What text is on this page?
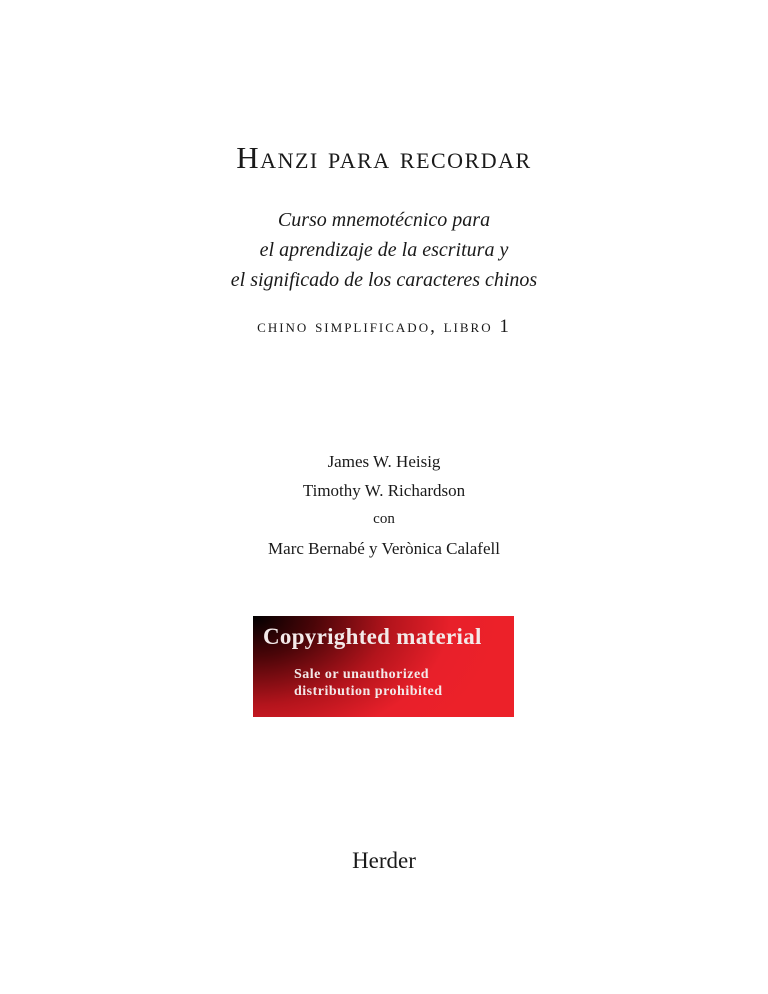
Hanzi para recordar
Curso mnemotécnico para
el aprendizaje de la escritura y
el significado de los caracteres chinos
chino simplificado, libro 1
James W. Heisig
Timothy W. Richardson
con
Marc Bernabé y Verònica Calafell
Copyrighted material
Sale or unauthorized
distribution prohibited
Herder
